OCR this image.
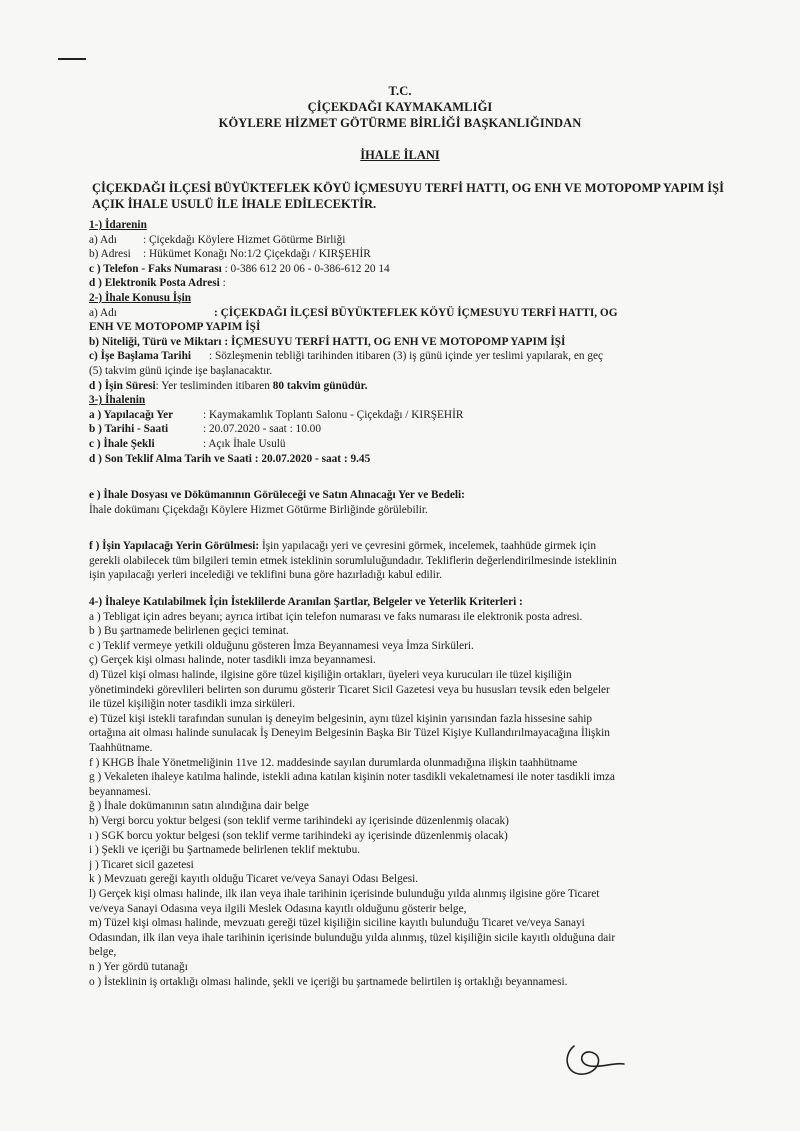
T.C.
ÇİÇEKDAĞI KAYMAKAMLIĞI
KÖYLERE HİZMET GÖTÜRME BİRLİĞİ BAŞKANLIĞINDAN
İHALE İLANI
ÇİÇEKDAĞI İLÇESİ BÜYÜKTEFLEK KÖYÜ İÇMESUYU TERFİ HATTI, OG ENH VE MOTOPOMP YAPIM İŞİ AÇIK İHALE USULÜ İLE İHALE EDİLECEKTİR.
1-) İdarenin
a) Adı : Çiçekdağı Köylere Hizmet Götürme Birliği
b) Adresi : Hükümet Konağı No:1/2 Çiçekdağı / KIRŞEHİR
c ) Telefon - Faks Numarası : 0-386 612 20 06 - 0-386-612 20 14
d ) Elektronik Posta Adresi :
2-) İhale Konusu İşin
a) Adı	: ÇİÇEKDAĞI İLÇESİ BÜYÜKTEFLEK KÖYÜ İÇMESUYU TERFİ HATTI, OG
ENH VE MOTOPOMP YAPIM İŞİ
b) Niteliği, Türü ve Miktarı : İÇMESUYU TERFİ HATTI, OG ENH VE MOTOPOMP YAPIM İŞİ
c) İşe Başlama Tarihi : Sözleşmenin tebliği tarihinden itibaren (3) iş günü içinde yer teslimi yapılarak, en geç
(5) takvim günü içinde işe başlanacaktır.
d ) İşin Süresi: Yer tesliminden itibaren 80 takvim günüdür.
3-) İhalenin
a ) Yapılacağı Yer	: Kaymakamlık Toplantı Salonu - Çiçekdağı / KIRŞEHİR
b ) Tarihi - Saati	: 20.07.2020 - saat : 10.00
c ) İhale Şekli	: Açık İhale Usulü
d ) Son Teklif Alma Tarih ve Saati : 20.07.2020 - saat : 9.45
e ) İhale Dosyası ve Dökümanının Görüleceği ve Satın Alınacağı Yer ve Bedeli:
İhale dokümanı Çiçekdağı Köylere Hizmet Götürme Birliğinde görülebilir.
f ) İşin Yapılacağı Yerin Görülmesi: İşin yapılacağı yeri ve çevresini görmek, incelemek, taahhüde girmek için
gerekli olabilecek tüm bilgileri temin etmek isteklinin sorumluluğundadır. Tekliflerin değerlendirilmesinde isteklinin
işin yapılacağı yerleri incelediği ve teklifini buna göre hazırladığı kabul edilir.
4-) İhaleye Katılabilmek İçin İsteklilerde Aranılan Şartlar, Belgeler ve Yeterlik Kriterleri :
a ) Tebligat için adres beyanı; ayrıca irtibat için telefon numarası ve faks numarası ile elektronik posta adresi.
b ) Bu şartnamede belirlenen geçici teminat.
c ) Teklif vermeye yetkili olduğunu gösteren İmza Beyannamesi veya İmza Sirküleri.
ç) Gerçek kişi olması halinde, noter tasdikli imza beyannamesi.
d) Tüzel kişi olması halinde, ilgisine göre tüzel kişiliğin ortakları, üyeleri veya kurucuları ile tüzel kişiliğin
yönetimindeki görevlileri belirten son durumu gösterir Ticaret Sicil Gazetesi veya bu hususları tevsik eden belgeler
ile tüzel kişiliğin noter tasdikli imza sirküleri.
e) Tüzel kişi istekli tarafından sunulan iş deneyim belgesinin, aynı tüzel kişinin yarısından fazla hissesine sahip
ortağına ait olması halinde sunulacak İş Deneyim Belgesinin Başka Bir Tüzel Kişiye Kullandırılmayacağına İlişkin
Taahhütname.
f ) KHGB İhale Yönetmeliğinin 11ve 12. maddesinde sayılan durumlarda olunmadığına ilişkin taahhütname
g ) Vekaleten ihaleye katılma halinde, istekli adına katılan kişinin noter tasdikli vekaletnamesi ile noter tasdikli imza
beyannamesi.
ğ ) İhale dokümanının satın alındığına dair belge
h) Vergi borcu yoktur belgesi (son teklif verme tarihindeki ay içerisinde düzenlenmiş olacak)
ı ) SGK borcu yoktur belgesi (son teklif verme tarihindeki ay içerisinde düzenlenmiş olacak)
i ) Şekli ve içeriği bu Şartnamede belirlenen teklif mektubu.
j ) Ticaret sicil gazetesi
k ) Mevzuatı gereği kayıtlı olduğu Ticaret ve/veya Sanayi Odası Belgesi.
l) Gerçek kişi olması halinde, ilk ilan veya ihale tarihinin içerisinde bulunduğu yılda alınmış ilgisine göre Ticaret
ve/veya Sanayi Odasına veya ilgili Meslek Odasına kayıtlı olduğunu gösterir belge,
m) Tüzel kişi olması halinde, mevzuatı gereği tüzel kişiliğin siciline kayıtlı bulunduğu Ticaret ve/veya Sanayi
Odasından, ilk ilan veya ihale tarihinin içerisinde bulunduğu yılda alınmış, tüzel kişiliğin sicile kayıtlı olduğuna dair
belge,
n ) Yer gördü tutanağı
o ) İsteklinin iş ortaklığı olması halinde, şekli ve içeriği bu şartnamede belirtilen iş ortaklığı beyannamesi.
